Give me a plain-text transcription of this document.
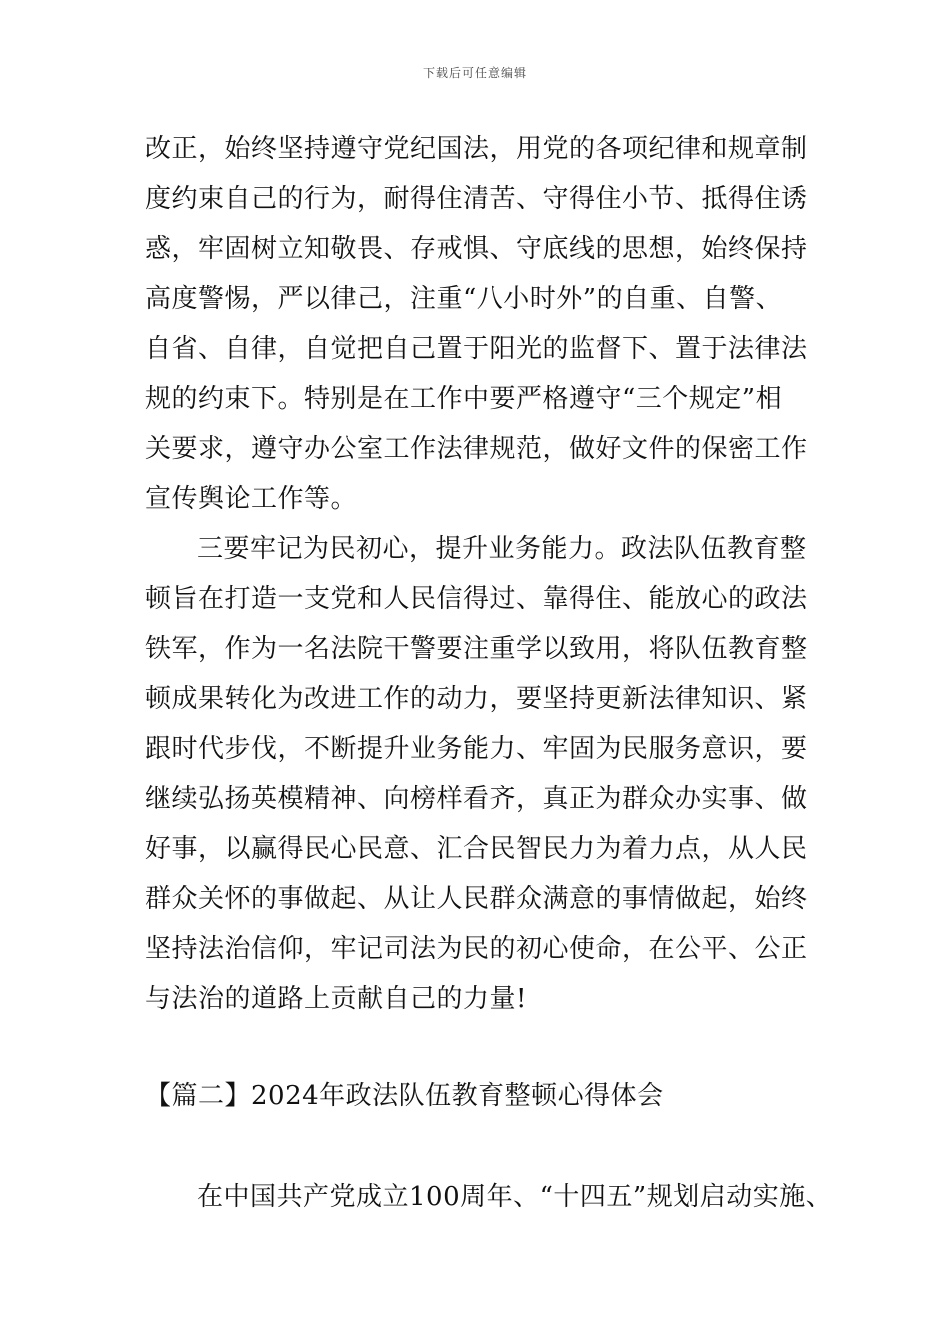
下载后可任意编辑
改正，始终坚持遵守党纪国法，用党的各项纪律和规章制
度约束自己的行为，耐得住清苦、守得住小节、抵得住诱
惑，牢固树立知敬畏、存戒惧、守底线的思想，始终保持
高度警惕，严以律己，注重“八小时外”的自重、自警、
自省、自律，自觉把自己置于阳光的监督下、置于法律法
规的约束下。特别是在工作中要严格遵守“三个规定”相
关要求，遵守办公室工作法律规范，做好文件的保密工作
宣传舆论工作等。
三要牢记为民初心，提升业务能力。政法队伍教育整
顿旨在打造一支党和人民信得过、靠得住、能放心的政法
铁军，作为一名法院干警要注重学以致用，将队伍教育整
顿成果转化为改进工作的动力，要坚持更新法律知识、紧
跟时代步伐，不断提升业务能力、牢固为民服务意识，要
继续弘扬英模精神、向榜样看齐，真正为群众办实事、做
好事，以赢得民心民意、汇合民智民力为着力点，从人民
群众关怀的事做起、从让人民群众满意的事情做起，始终
坚持法治信仰，牢记司法为民的初心使命，在公平、公正
与法治的道路上贡献自己的力量!
【篇二】2024年政法队伍教育整顿心得体会
在中国共产党成立100周年、“十四五”规划启动实施、
